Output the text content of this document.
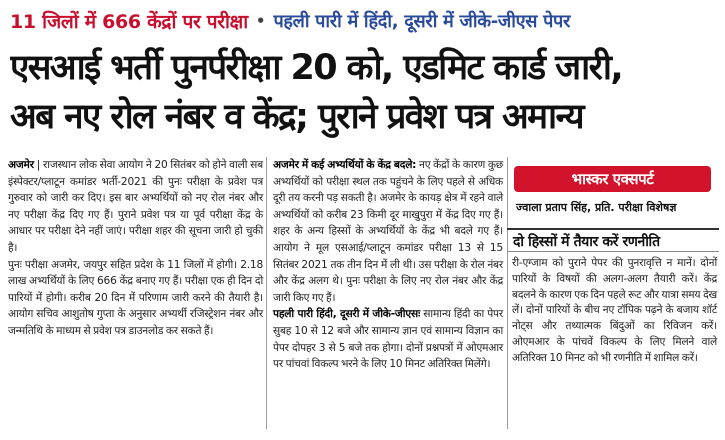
11 जिलों में 666 केंद्रों पर परीक्षा • पहली पारी में हिंदी, दूसरी में जीके-जीएस पेपर
एसआई भर्ती पुनर्परीक्षा 20 को, एडमिट कार्ड जारी,
अब नए रोल नंबर व केंद्र; पुराने प्रवेश पत्र अमान्य

अजमेर | राजस्थान लोक सेवा आयोग ने 20 सितंबर को होने वाली सब इंस्पेक्टर/प्लाटून कमांडर भर्ती-2021 की पुनः परीक्षा के प्रवेश पत्र गुरुवार को जारी कर दिए। इस बार अभ्यर्थियों को नए रोल नंबर और नए परीक्षा केंद्र दिए गए हैं। पुराने प्रवेश पत्र या पूर्व परीक्षा केंद्र के आधार पर परीक्षा देने नहीं जाएं। परीक्षा शहर की सूचना जारी हो चुकी है।

पुनः परीक्षा अजमेर, जयपुर सहित प्रदेश के 11 जिलों में होगी। 2.18 लाख अभ्यर्थियों के लिए 666 केंद्र बनाए गए हैं। परीक्षा एक ही दिन दो पारियों में होगी। करीब 20 दिन में परिणाम जारी करने की तैयारी है। आयोग सचिव आशुतोष गुप्ता के अनुसार अभ्यर्थी रजिस्ट्रेशन नंबर और जन्मतिथि के माध्यम से प्रवेश पत्र डाउनलोड कर सकते हैं।

अजमेर में कई अभ्यर्थियों के केंद्र बदले: नए केंद्रों के कारण कुछ अभ्यर्थियों को परीक्षा स्थल तक पहुंचने के लिए पहले से अधिक दूरी तय करनी पड़ सकती है। अजमेर के कायड़ क्षेत्र में रहने वाले अभ्यर्थियों को करीब 23 किमी दूर माखुपुरा में केंद्र दिए गए हैं। शहर के अन्य हिस्सों के अभ्यर्थियों के केंद्र भी बदले गए हैं। आयोग ने मूल एसआई/प्लाटून कमांडर परीक्षा 13 से 15 सितंबर 2021 तक तीन दिन में ली थी। उस परीक्षा के रोल नंबर और केंद्र अलग थे। पुनः परीक्षा के लिए नए रोल नंबर और केंद्र जारी किए गए हैं।

पहली पारी हिंदी, दूसरी में जीके-जीएसः सामान्य हिंदी का पेपर सुबह 10 से 12 बजे और सामान्य ज्ञान एवं सामान्य विज्ञान का पेपर दोपहर 3 से 5 बजे तक होगा। दोनों प्रश्नपत्रों में ओएमआर पर पांचवां विकल्प भरने के लिए 10 मिनट अतिरिक्त मिलेंगे।

भास्कर एक्सपर्ट
ज्वाला प्रताप सिंह, प्रति. परीक्षा विशेषज्ञ
दो हिस्सों में तैयार करें रणनीति
री-एग्जाम को पुराने पेपर की पुनरावृत्ति न मानें। दोनों पारियों के विषयों की अलग-अलग तैयारी करें। केंद्र बदलने के कारण एक दिन पहले रूट और यात्रा समय देख लें। दोनों पारियों के बीच नए टॉपिक पढ़ने के बजाय शॉर्ट नोट्स और तथ्यात्मक बिंदुओं का रिविजन करें। ओएमआर के पांचवें विकल्प के लिए मिलने वाले अतिरिक्त 10 मिनट को भी रणनीति में शामिल करें।
